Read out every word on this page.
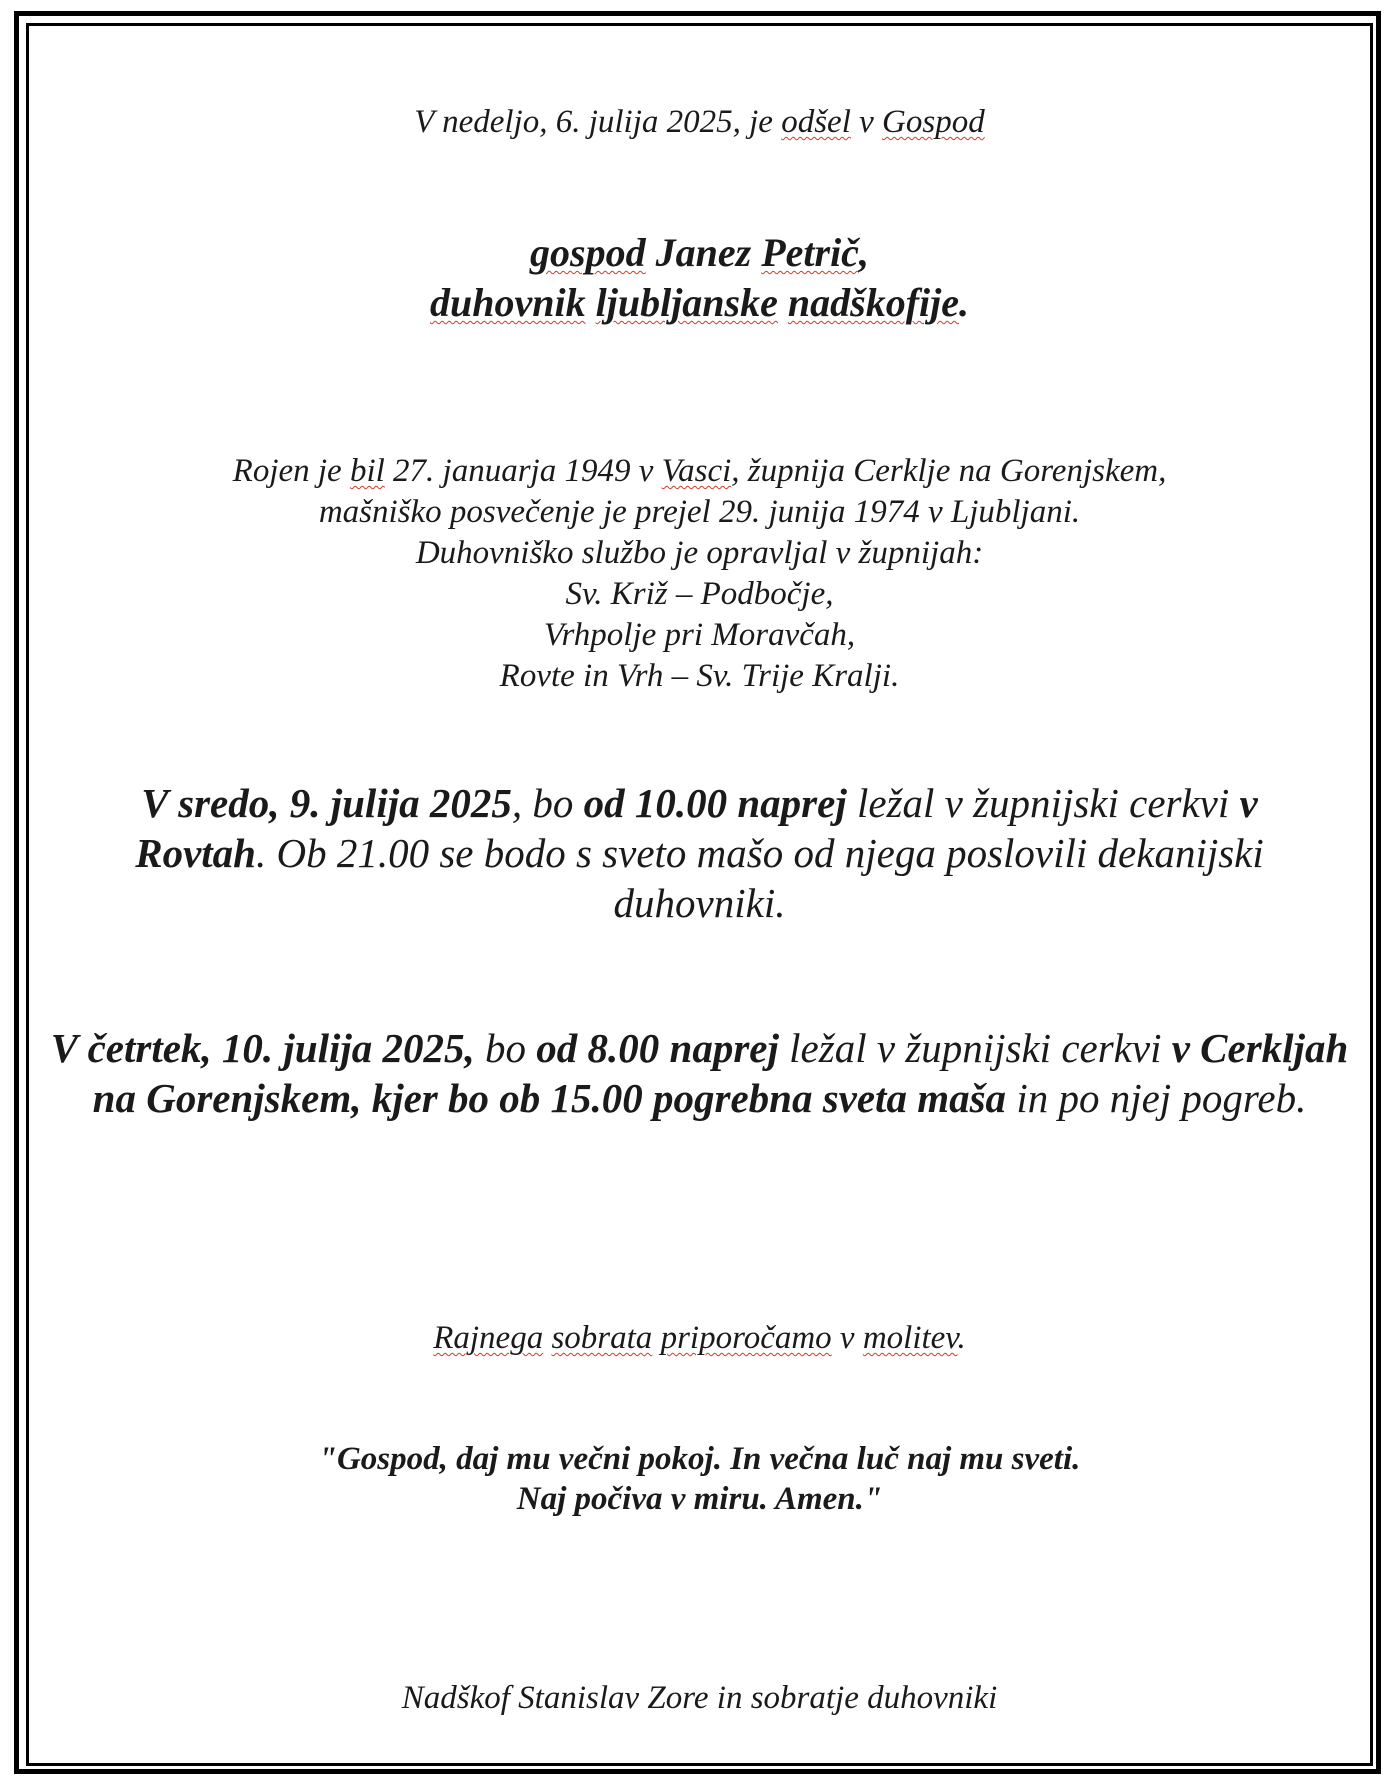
V nedeljo, 6. julija 2025, je odšel v Gospod
gospod Janez Petrič,
duhovnik ljubljanske nadškofije.
Rojen je bil 27. januarja 1949 v Vasci, župnija Cerklje na Gorenjskem,
mašniško posvečenje je prejel 29. junija 1974 v Ljubljani.
Duhovniško službo je opravljal v župnijah:
Sv. Križ – Podbočje,
Vrhpolje pri Moravčah,
Rovte in Vrh – Sv. Trije Kralji.
V sredo, 9. julija 2025, bo od 10.00 naprej ležal v župnijski cerkvi v Rovtah. Ob 21.00 se bodo s sveto mašo od njega poslovili dekanijski duhovniki.
V četrtek, 10. julija 2025, bo od 8.00 naprej ležal v župnijski cerkvi v Cerkljah na Gorenjskem, kjer bo ob 15.00 pogrebna sveta maša in po njej pogreb.
Rajnega sobrata priporočamo v molitev.
"Gospod, daj mu večni pokoj. In večna luč naj mu sveti.
Naj počiva v miru. Amen."
Nadškof Stanislav Zore in sobratje duhovniki
